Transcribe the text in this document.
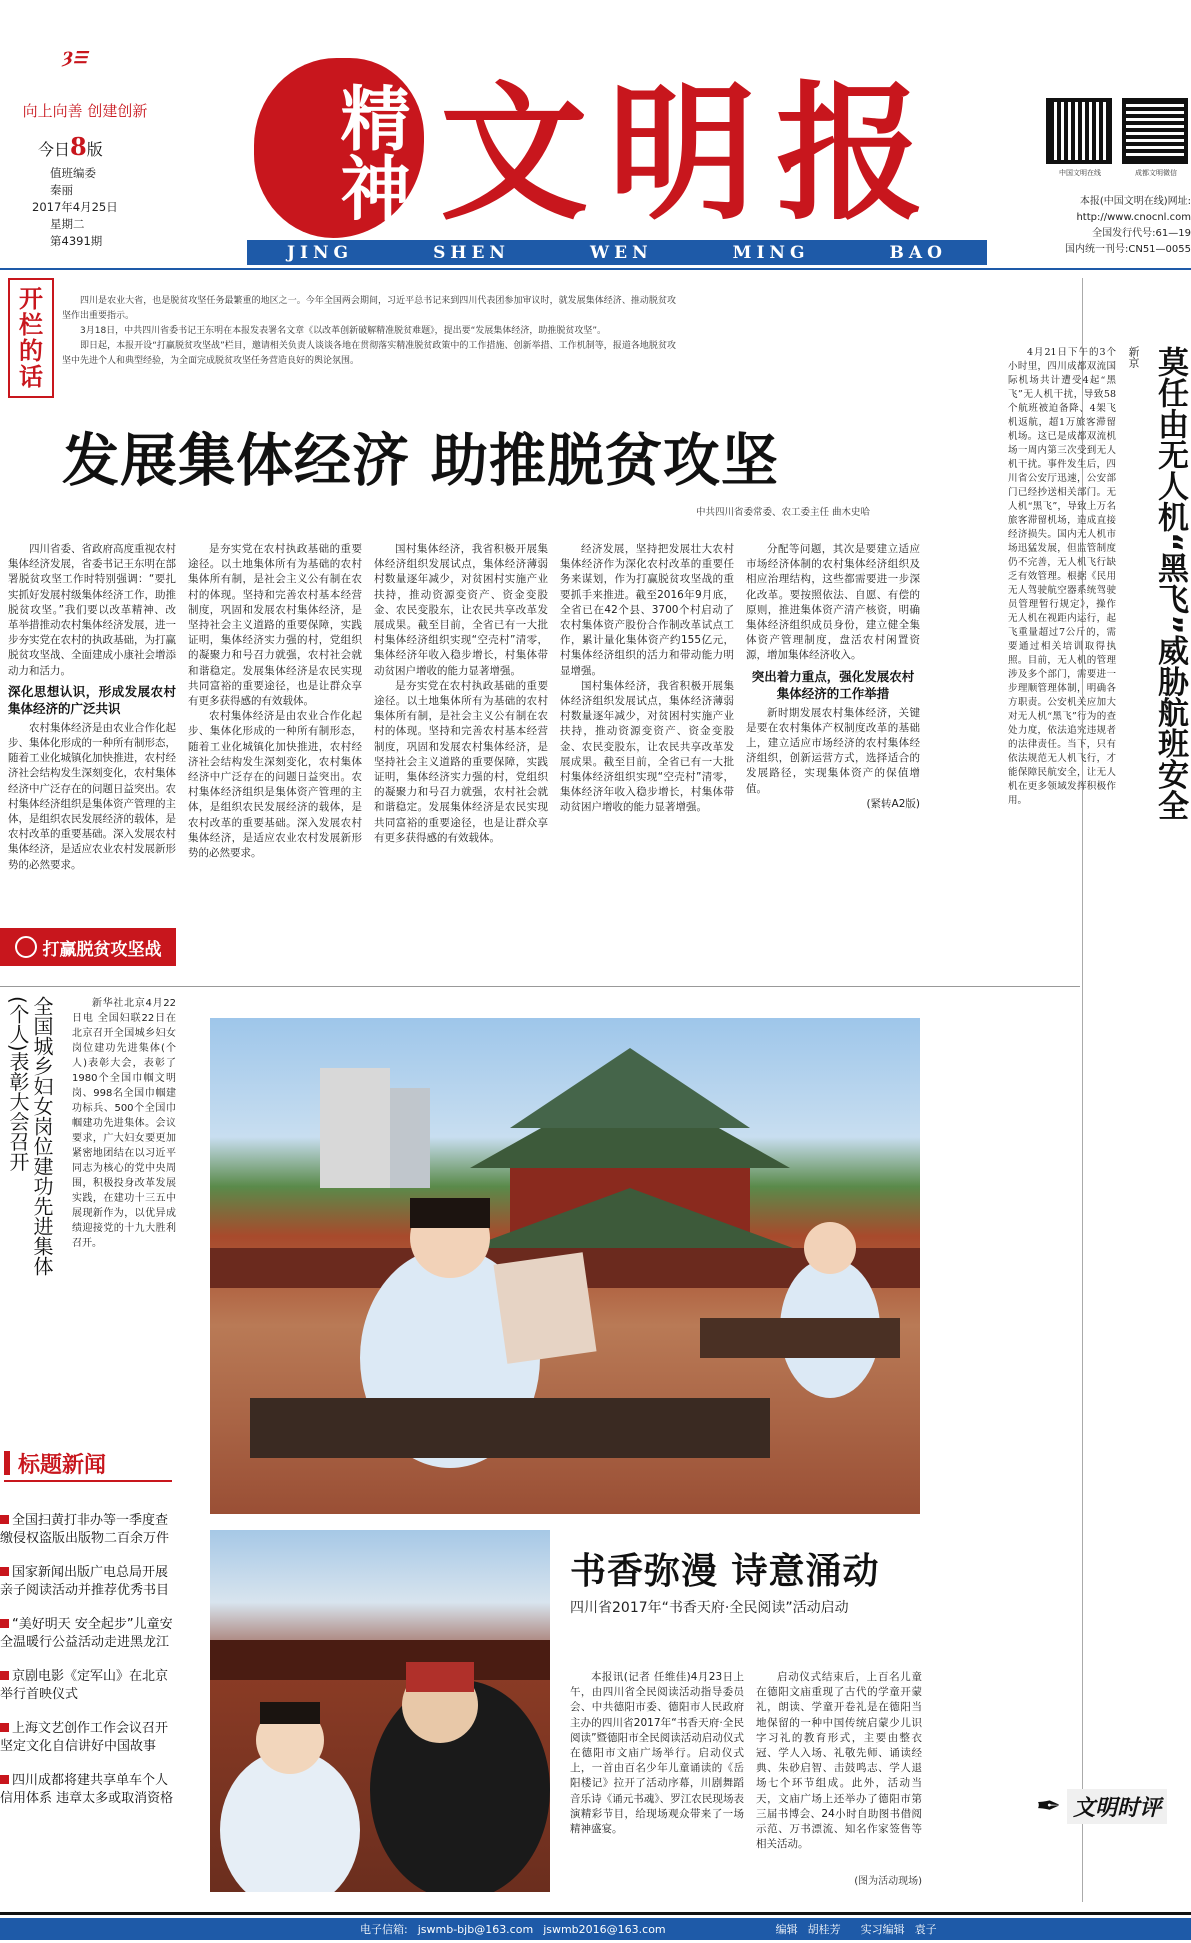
Ȝ☰
向上向善 创建创新
今日8版
值班编委
秦丽
2017年4月25日
星期二
第4391期
精神 文明报	中国文明在线	成都文明微信
本报(中国文明在线)网址:
http://www.cnocnl.com
全国发行代号:61—19
国内统一刊号:CN51—0055
JING	SHEN	WEN	MING	BAO
开栏的话

四川是农业大省，也是脱贫攻坚任务最繁重的地区之一。今年全国两会期间，习近平总书记来到四川代表团参加审议时，就发展集体经济、推动脱贫攻坚作出重要指示。

3月18日，中共四川省委书记王东明在本报发表署名文章《以改革创新破解精准脱贫难题》，提出要“发展集体经济，助推脱贫攻坚”。

即日起，本报开设“打赢脱贫攻坚战”栏目，邀请相关负责人谈谈各地在贯彻落实精准脱贫政策中的工作措施、创新举措、工作机制等，报道各地脱贫攻坚中先进个人和典型经验，为全面完成脱贫攻坚任务营造良好的舆论氛围。

发展集体经济 助推脱贫攻坚
中共四川省委常委、农工委主任 曲木史哈

四川省委、省政府高度重视农村集体经济发展，省委书记王东明在部署脱贫攻坚工作时特别强调：“要扎实抓好发展村级集体经济工作，助推脱贫攻坚。”我们要以改革精神、改革举措推动农村集体经济发展，进一步夯实党在农村的执政基础，为打赢脱贫攻坚战、全面建成小康社会增添动力和活力。

深化思想认识，形成发展农村集体经济的广泛共识

农村集体经济是由农业合作化起步、集体化形成的一种所有制形态，随着工业化城镇化加快推进，农村经济社会结构发生深刻变化，农村集体经济中广泛存在的问题日益突出。农村集体经济组织是集体资产管理的主体，是组织农民发展经济的载体，是农村改革的重要基础。深入发展农村集体经济，是适应农业农村发展新形势的必然要求。

是夯实党在农村执政基础的重要途径。以土地集体所有为基础的农村集体所有制，是社会主义公有制在农村的体现。坚持和完善农村基本经营制度，巩固和发展农村集体经济，是坚持社会主义道路的重要保障，实践证明，集体经济实力强的村，党组织的凝聚力和号召力就强，农村社会就和谐稳定。发展集体经济是农民实现共同富裕的重要途径，也是让群众享有更多获得感的有效载体。

农村集体经济是由农业合作化起步、集体化形成的一种所有制形态，随着工业化城镇化加快推进，农村经济社会结构发生深刻变化，农村集体经济中广泛存在的问题日益突出。农村集体经济组织是集体资产管理的主体，是组织农民发展经济的载体，是农村改革的重要基础。深入发展农村集体经济，是适应农业农村发展新形势的必然要求。

国村集体经济，我省积极开展集体经济组织发展试点，集体经济薄弱村数量逐年减少，对贫困村实施产业扶持，推动资源变资产、资金变股金、农民变股东，让农民共享改革发展成果。截至目前，全省已有一大批村集体经济组织实现“空壳村”清零，集体经济年收入稳步增长，村集体带动贫困户增收的能力显著增强。

是夯实党在农村执政基础的重要途径。以土地集体所有为基础的农村集体所有制，是社会主义公有制在农村的体现。坚持和完善农村基本经营制度，巩固和发展农村集体经济，是坚持社会主义道路的重要保障，实践证明，集体经济实力强的村，党组织的凝聚力和号召力就强，农村社会就和谐稳定。发展集体经济是农民实现共同富裕的重要途径，也是让群众享有更多获得感的有效载体。

经济发展，坚持把发展壮大农村集体经济作为深化农村改革的重要任务来谋划，作为打赢脱贫攻坚战的重要抓手来推进。截至2016年9月底，全省已在42个县、3700个村启动了农村集体资产股份合作制改革试点工作，累计量化集体资产约155亿元，村集体经济组织的活力和带动能力明显增强。

国村集体经济，我省积极开展集体经济组织发展试点，集体经济薄弱村数量逐年减少，对贫困村实施产业扶持，推动资源变资产、资金变股金、农民变股东，让农民共享改革发展成果。截至目前，全省已有一大批村集体经济组织实现“空壳村”清零，集体经济年收入稳步增长，村集体带动贫困户增收的能力显著增强。

分配等问题，其次是要建立适应市场经济体制的农村集体经济组织及相应治理结构，这些都需要进一步深化改革。要按照依法、自愿、有偿的原则，推进集体资产清产核资，明确集体经济组织成员身份，建立健全集体资产管理制度，盘活农村闲置资源，增加集体经济收入。

突出着力重点，强化发展农村集体经济的工作举措

新时期发展农村集体经济，关键是要在农村集体产权制度改革的基础上，建立适应市场经济的农村集体经济组织，创新运营方式，选择适合的发展路径，实现集体资产的保值增值。

(紧转A2版)
打赢脱贫攻坚战
全国城乡妇女岗位建功先进集体(个人)表彰大会召开	新华社北京4月22日电 全国妇联22日在北京召开全国城乡妇女岗位建功先进集体(个人)表彰大会，表彰了1980个全国巾帼文明岗、998名全国巾帼建功标兵、500个全国巾帼建功先进集体。会议要求，广大妇女要更加紧密地团结在以习近平同志为核心的党中央周围，积极投身改革发展实践，在建功十三五中展现新作为，以优异成绩迎接党的十九大胜利召开。

标题新闻
全国扫黄打非办等一季度查缴侵权盗版出版物二百余万件
国家新闻出版广电总局开展亲子阅读活动并推荐优秀书目
“美好明天 安全起步”儿童安全温暖行公益活动走进黑龙江
京剧电影《定军山》在北京举行首映仪式
上海文艺创作工作会议召开 坚定文化自信讲好中国故事
四川成都将建共享单车个人信用体系 违章太多或取消资格
书香弥漫 诗意涌动
四川省2017年“书香天府·全民阅读”活动启动

本报讯(记者 任维佳)4月23日上午，由四川省全民阅读活动指导委员会、中共德阳市委、德阳市人民政府主办的四川省2017年“书香天府·全民阅读”暨德阳市全民阅读活动启动仪式在德阳市文庙广场举行。启动仪式上，一首由百名少年儿童诵读的《岳阳楼记》拉开了活动序幕，川剧舞蹈音乐诗《诵元书魂》、罗江农民现场表演精彩节目，给现场观众带来了一场精神盛宴。

启动仪式结束后，上百名儿童在德阳文庙重现了古代的学童开蒙礼，朗读、学童开卷礼是在德阳当地保留的一种中国传统启蒙少儿识字习礼的教育形式，主要由整衣冠、学人入场、礼敬先师、诵读经典、朱砂启智、击鼓鸣志、学人退场七个环节组成。此外，活动当天，文庙广场上还举办了德阳市第三届书博会、24小时自助图书借阅示范、万书漂流、知名作家签售等相关活动。

(图为活动现场)
新京 莫任由无人机“黑飞”威胁航班安全

4月21日下午的3个小时里，四川成都双流国际机场共计遭受4起“黑飞”无人机干扰，导致58个航班被迫备降、4架飞机返航，超1万旅客滞留机场。这已是成都双流机场一周内第三次受到无人机干扰。事件发生后，四川省公安厅迅速，公安部门已经抄送相关部门。无人机“黑飞”，导致上万名旅客滞留机场，造成直接经济损失。国内无人机市场迅猛发展，但监管制度仍不完善，无人机飞行缺乏有效管理。根据《民用无人驾驶航空器系统驾驶员管理暂行规定》，操作无人机在视距内运行，起飞重量超过7公斤的，需要通过相关培训取得执照。目前，无人机的管理涉及多个部门，需要进一步理顺管理体制，明确各方职责。公安机关应加大对无人机“黑飞”行为的查处力度，依法追究违规者的法律责任。当下，只有依法规范无人机飞行，才能保障民航安全，让无人机在更多领域发挥积极作用。

✒ 文明时评
电子信箱: jswmb-bjb@163.com jswmb2016@163.com	编辑 胡桂芳 实习编辑 袁子
